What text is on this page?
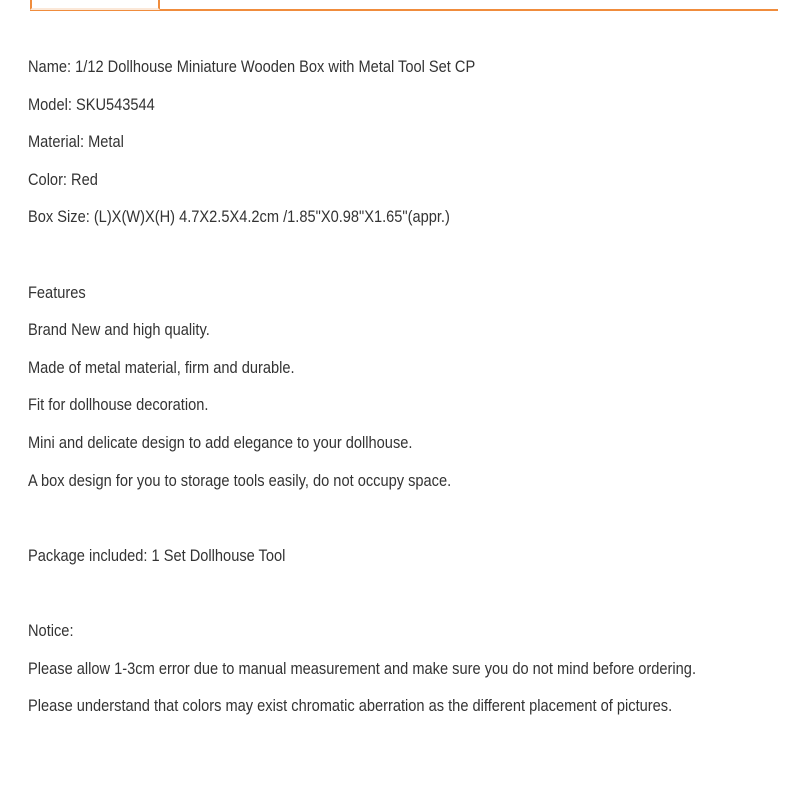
Name: 1/12 Dollhouse Miniature Wooden Box with Metal Tool Set CP
Model: SKU543544
Material: Metal
Color: Red
Box Size: (L)X(W)X(H) 4.7X2.5X4.2cm /1.85"X0.98"X1.65"(appr.)
Features
Brand New and high quality.
Made of metal material, firm and durable.
Fit for dollhouse decoration.
Mini and delicate design to add elegance to your dollhouse.
A box design for you to storage tools easily, do not occupy space.
Package included: 1 Set Dollhouse Tool
Notice:
Please allow 1-3cm error due to manual measurement and make sure you do not mind before ordering.
Please understand that colors may exist chromatic aberration as the different placement of pictures.
